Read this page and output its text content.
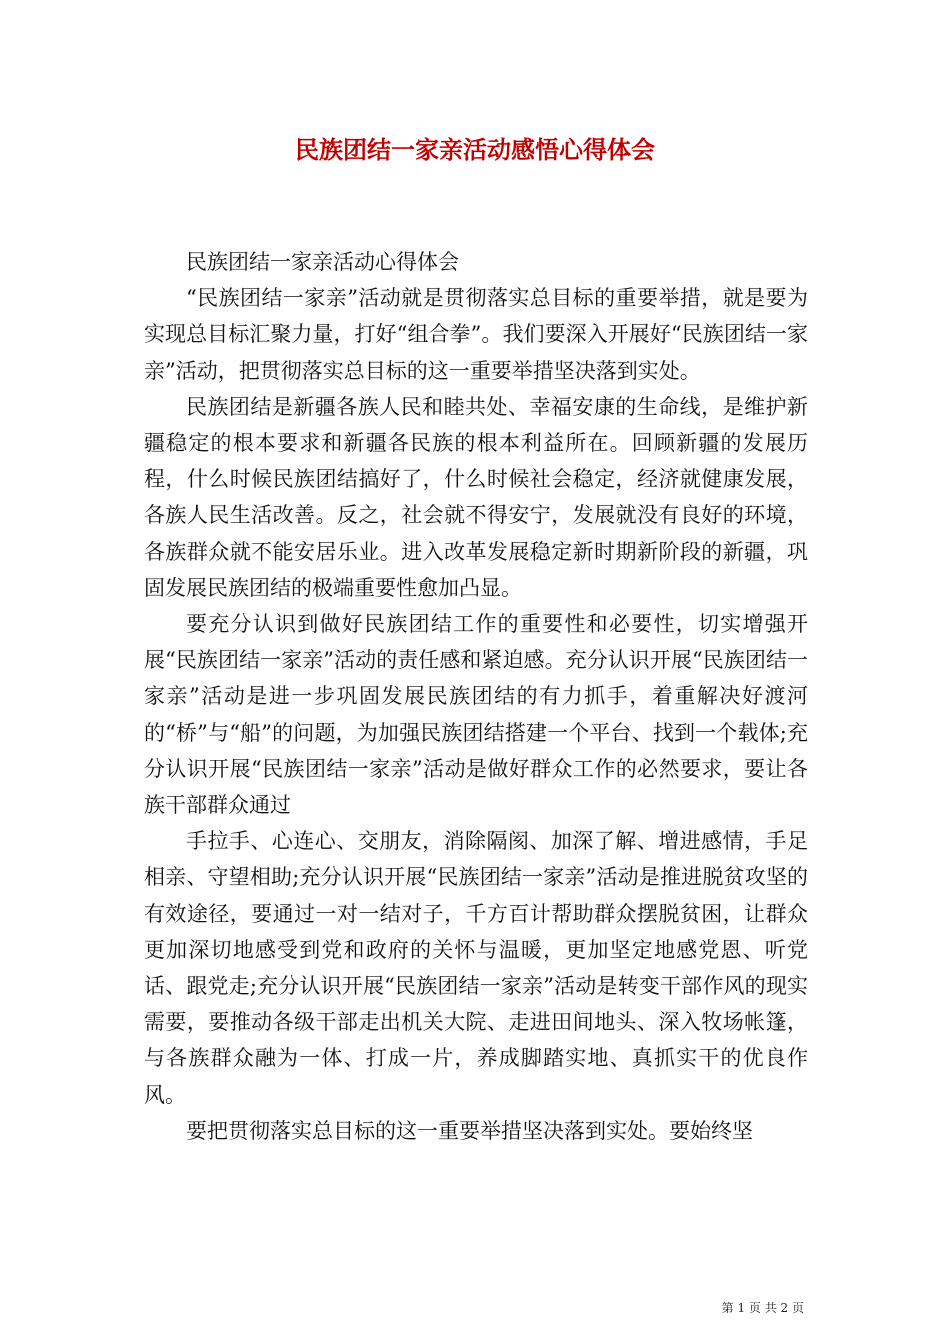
民族团结一家亲活动感悟心得体会

民族团结一家亲活动心得体会

“民族团结一家亲”活动就是贯彻落实总目标的重要举措，就是要为实现总目标汇聚力量，打好“组合拳”。我们要深入开展好“民族团结一家亲”活动，把贯彻落实总目标的这一重要举措坚决落到实处。

民族团结是新疆各族人民和睦共处、幸福安康的生命线，是维护新疆稳定的根本要求和新疆各民族的根本利益所在。回顾新疆的发展历程，什么时候民族团结搞好了，什么时候社会稳定，经济就健康发展，各族人民生活改善。反之，社会就不得安宁，发展就没有良好的环境，各族群众就不能安居乐业。进入改革发展稳定新时期新阶段的新疆，巩固发展民族团结的极端重要性愈加凸显。

要充分认识到做好民族团结工作的重要性和必要性，切实增强开展“民族团结一家亲”活动的责任感和紧迫感。充分认识开展“民族团结一家亲”活动是进一步巩固发展民族团结的有力抓手，着重解决好渡河的“桥”与“船”的问题，为加强民族团结搭建一个平台、找到一个载体;充分认识开展“民族团结一家亲”活动是做好群众工作的必然要求，要让各族干部群众通过

手拉手、心连心、交朋友，消除隔阂、加深了解、增进感情，手足相亲、守望相助;充分认识开展“民族团结一家亲”活动是推进脱贫攻坚的有效途径，要通过一对一结对子，千方百计帮助群众摆脱贫困，让群众更加深切地感受到党和政府的关怀与温暖，更加坚定地感党恩、听党话、跟党走;充分认识开展“民族团结一家亲”活动是转变干部作风的现实需要，要推动各级干部走出机关大院、走进田间地头、深入牧场帐篷，与各族群众融为一体、打成一片，养成脚踏实地、真抓实干的优良作风。

要把贯彻落实总目标的这一重要举措坚决落到实处。要始终坚

第 1 页 共 2 页
